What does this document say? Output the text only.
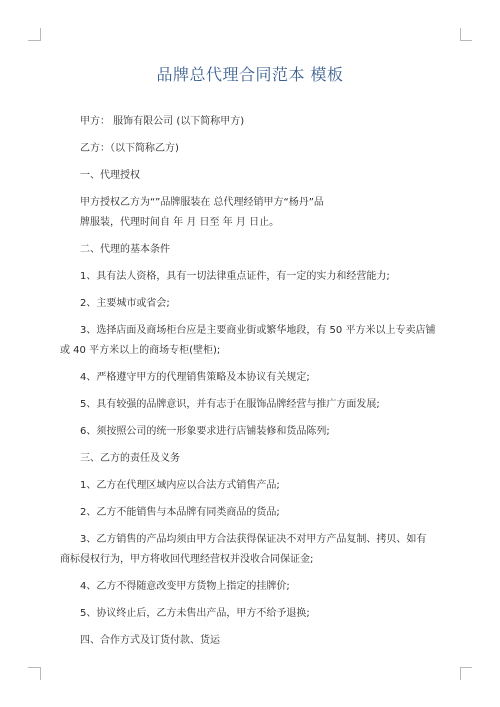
品牌总代理合同范本 模板
甲方： 服饰有限公司 (以下简称甲方)
乙方：（以下简称乙方)
一、代理授权
甲方授权乙方为“”品牌服装在 总代理经销甲方“杨丹”品
牌服装，代理时间自 年 月 日至 年 月 日止。
二、代理的基本条件
1、具有法人资格，具有一切法律重点证件，有一定的实力和经营能力;
2、主要城市或省会;
3、选择店面及商场柜台应是主要商业街或繁华地段，有 50 平方米以上专卖店铺
或 40 平方米以上的商场专柜(壁柜);
4、严格遵守甲方的代理销售策略及本协议有关规定;
5、具有较强的品牌意识，并有志于在服饰品牌经营与推广方面发展;
6、须按照公司的统一形象要求进行店铺装修和货品陈列;
三、乙方的责任及义务
1、乙方在代理区域内应以合法方式销售产品;
2、乙方不能销售与本品牌有同类商品的货品;
3、乙方销售的产品均须由甲方合法获得保证决不对甲方产品复制、拷贝、如有
商标侵权行为，甲方将收回代理经营权并没收合同保证金;
4、乙方不得随意改变甲方货物上指定的挂牌价;
5、协议终止后，乙方未售出产品，甲方不给予退换;
四、合作方式及订货付款、货运
